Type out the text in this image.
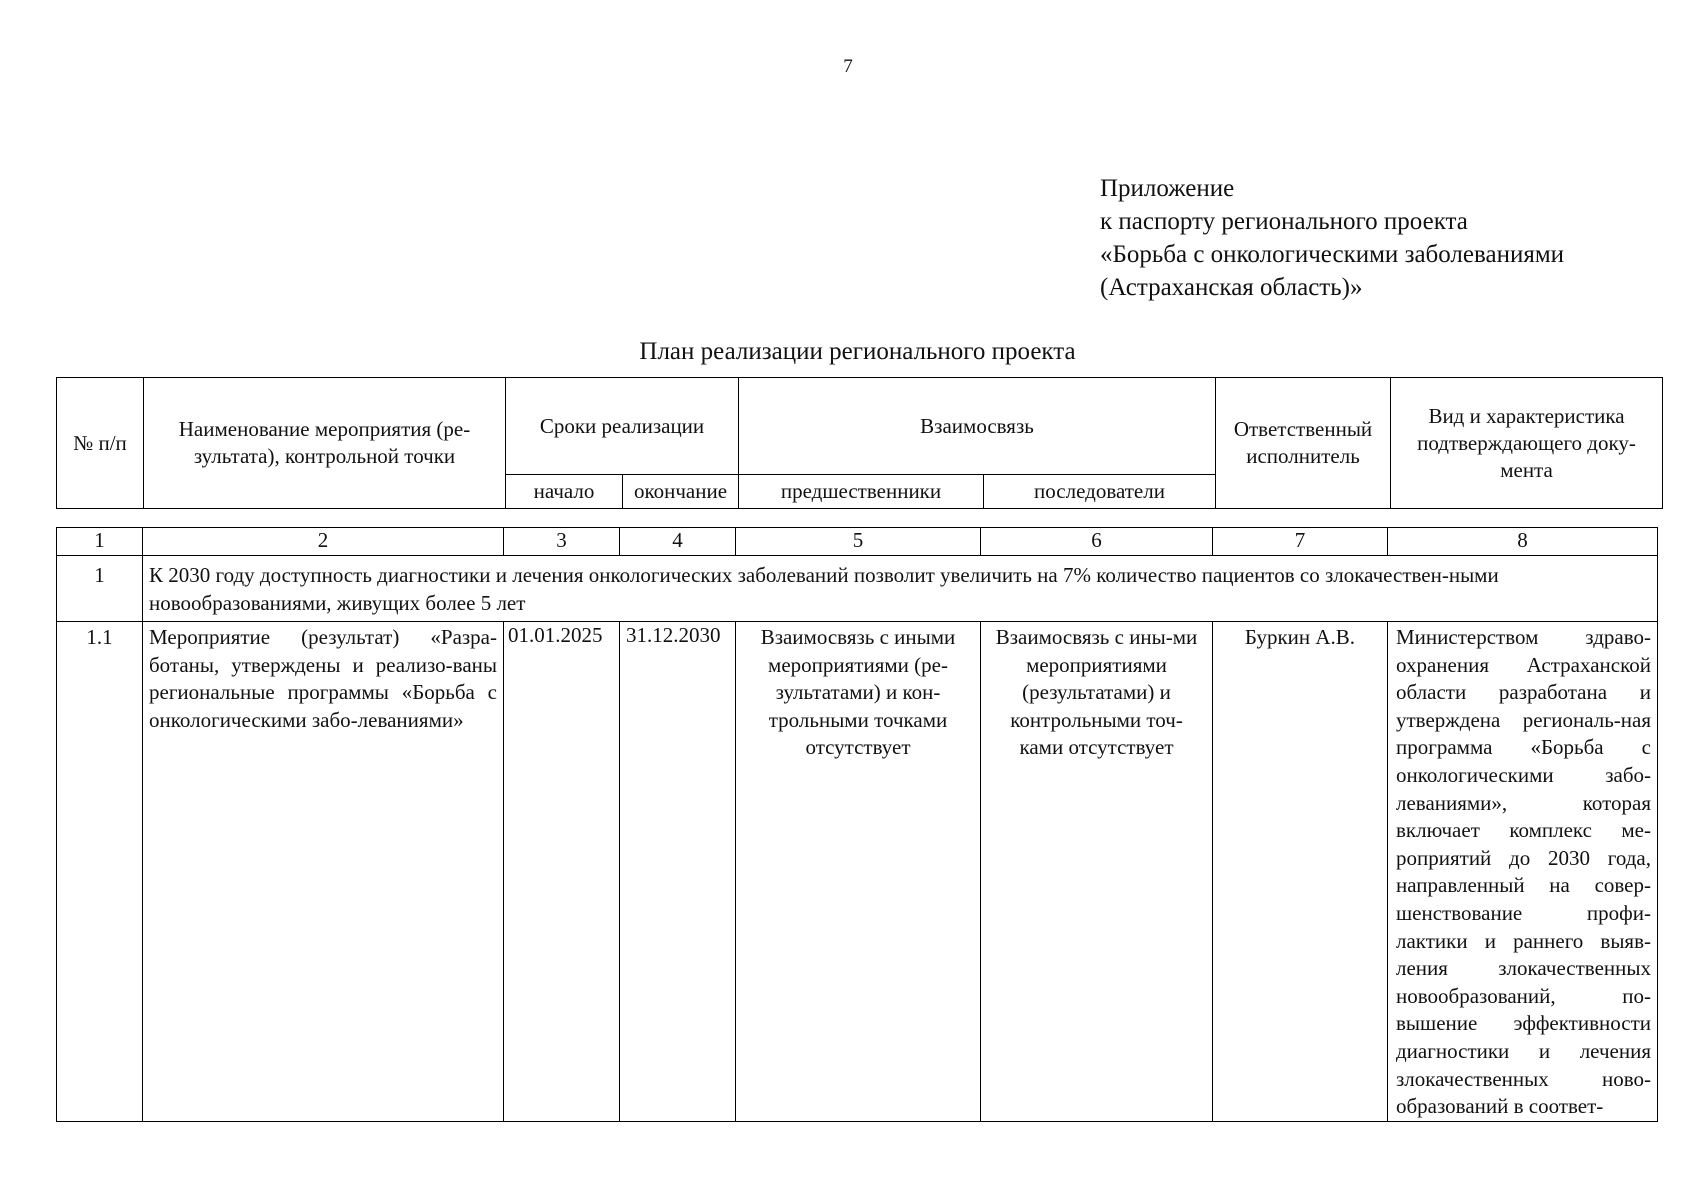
7
Приложение
к паспорту регионального проекта
«Борьба с онкологическими заболеваниями
(Астраханская область)»
План реализации регионального проекта
№ п/п	Наименование мероприятия (ре-зультата), контрольной точки	Сроки реализации		Взаимосвязь		Ответственный исполнитель	Вид и характеристика подтверждающего доку-мента
		начало	окончание	предшественники	последователи		
1	2	3	4	5	6	7	8
1	К 2030 году доступность диагностики и лечения онкологических заболеваний позволит увеличить на 7% количество пациентов со злокачествен-ными новообразованиями, живущих более 5 лет						
1.1	Мероприятие (результат) «Разра-ботаны, утверждены и реализо-ваны региональные программы «Борьба с онкологическими забо-леваниями»	01.01.2025	31.12.2030	Взаимосвязь с иными мероприятиями (ре-зультатами) и кон-трольными точками отсутствует	Взаимосвязь с ины-ми мероприятиями (результатами) и контрольными точ-ками отсутствует	Буркин А.В.	Министерством здраво-охранения Астраханской области разработана и утверждена региональ-ная программа «Борьба с онкологическими забо-леваниями», которая включает комплекс ме-роприятий до 2030 года, направленный на совер-шенствование профи-лактики и раннего выяв-ления злокачественных новообразований, по-вышение эффективности диагностики и лечения злокачественных ново-образований в соответ-
